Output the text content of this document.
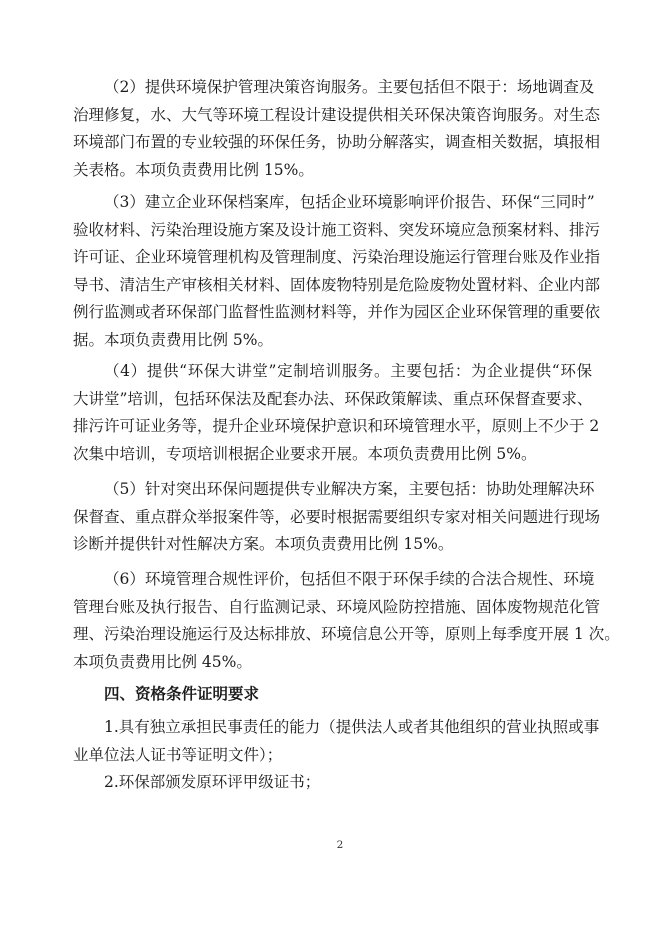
（2）提供环境保护管理决策咨询服务。主要包括但不限于：场地调查及
治理修复，水、大气等环境工程设计建设提供相关环保决策咨询服务。对生态
环境部门布置的专业较强的环保任务，协助分解落实，调查相关数据，填报相
关表格。本项负责费用比例 15%。
（3）建立企业环保档案库，包括企业环境影响评价报告、环保“三同时”
验收材料、污染治理设施方案及设计施工资料、突发环境应急预案材料、排污
许可证、企业环境管理机构及管理制度、污染治理设施运行管理台账及作业指
导书、清洁生产审核相关材料、固体废物特别是危险废物处置材料、企业内部
例行监测或者环保部门监督性监测材料等，并作为园区企业环保管理的重要依
据。本项负责费用比例 5%。
（4）提供“环保大讲堂”定制培训服务。主要包括：为企业提供“环保
大讲堂”培训，包括环保法及配套办法、环保政策解读、重点环保督查要求、
排污许可证业务等，提升企业环境保护意识和环境管理水平，原则上不少于 2
次集中培训，专项培训根据企业要求开展。本项负责费用比例 5%。
（5）针对突出环保问题提供专业解决方案，主要包括：协助处理解决环
保督查、重点群众举报案件等，必要时根据需要组织专家对相关问题进行现场
诊断并提供针对性解决方案。本项负责费用比例 15%。
（6）环境管理合规性评价，包括但不限于环保手续的合法合规性、环境
管理台账及执行报告、自行监测记录、环境风险防控措施、固体废物规范化管
理、污染治理设施运行及达标排放、环境信息公开等，原则上每季度开展 1 次。
本项负责费用比例 45%。
四、资格条件证明要求
1.具有独立承担民事责任的能力（提供法人或者其他组织的营业执照或事
业单位法人证书等证明文件）；
2.环保部颁发原环评甲级证书；
2
